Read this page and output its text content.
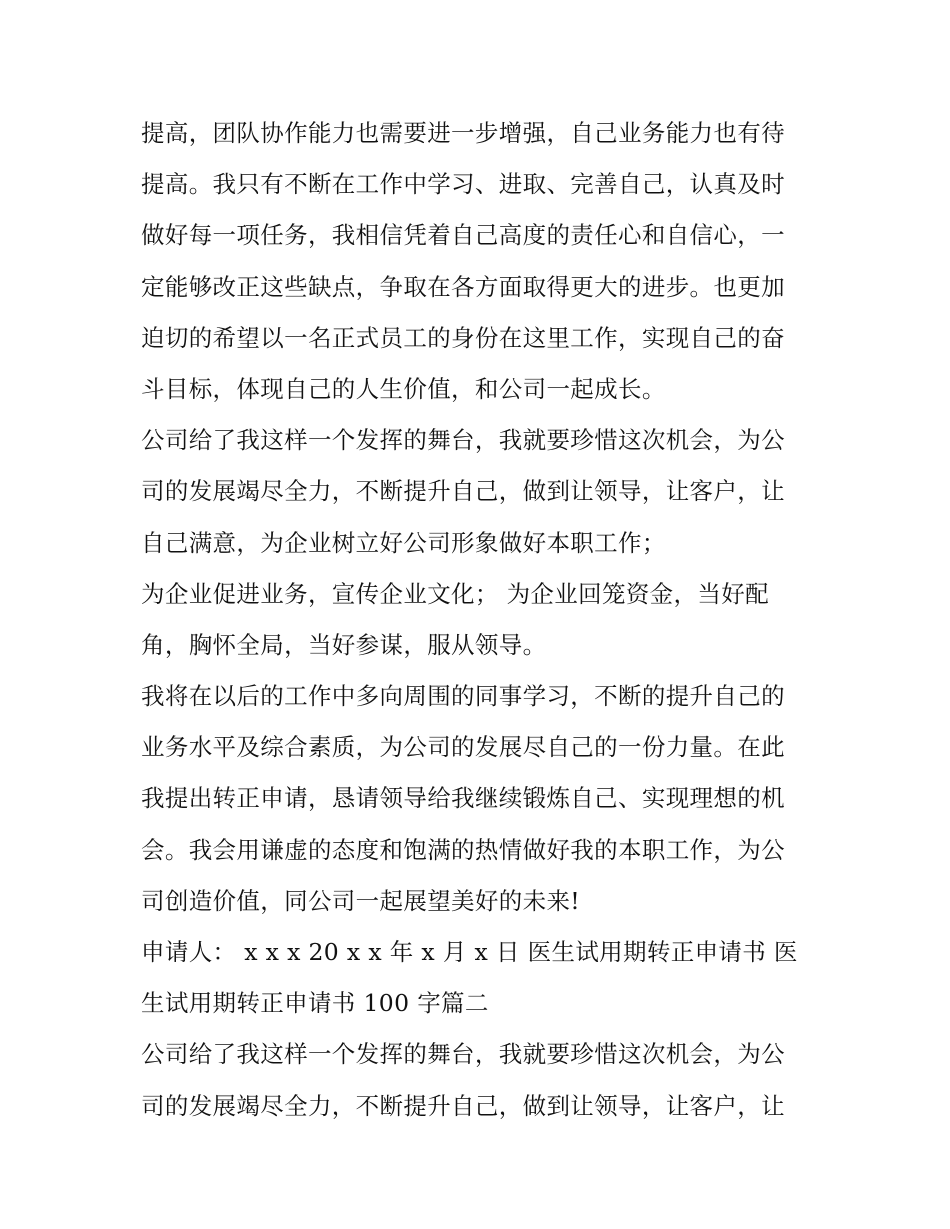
提高，团队协作能力也需要进一步增强，自己业务能力也有待
提高。我只有不断在工作中学习、进取、完善自己，认真及时
做好每一项任务，我相信凭着自己高度的责任心和自信心，一
定能够改正这些缺点，争取在各方面取得更大的进步。也更加
迫切的希望以一名正式员工的身份在这里工作，实现自己的奋
斗目标，体现自己的人生价值，和公司一起成长。
公司给了我这样一个发挥的舞台，我就要珍惜这次机会，为公
司的发展竭尽全力，不断提升自己，做到让领导，让客户，让
自己满意，为企业树立好公司形象做好本职工作；
为企业促进业务，宣传企业文化； 为企业回笼资金，当好配
角，胸怀全局，当好参谋，服从领导。
我将在以后的工作中多向周围的同事学习，不断的提升自己的
业务水平及综合素质，为公司的发展尽自己的一份力量。在此
我提出转正申请，恳请领导给我继续锻炼自己、实现理想的机
会。我会用谦虚的态度和饱满的热情做好我的本职工作，为公
司创造价值，同公司一起展望美好的未来!
申请人： x x x 20 x x 年 x 月 x 日 医生试用期转正申请书 医
生试用期转正申请书 100 字篇二
公司给了我这样一个发挥的舞台，我就要珍惜这次机会，为公
司的发展竭尽全力，不断提升自己，做到让领导，让客户，让
